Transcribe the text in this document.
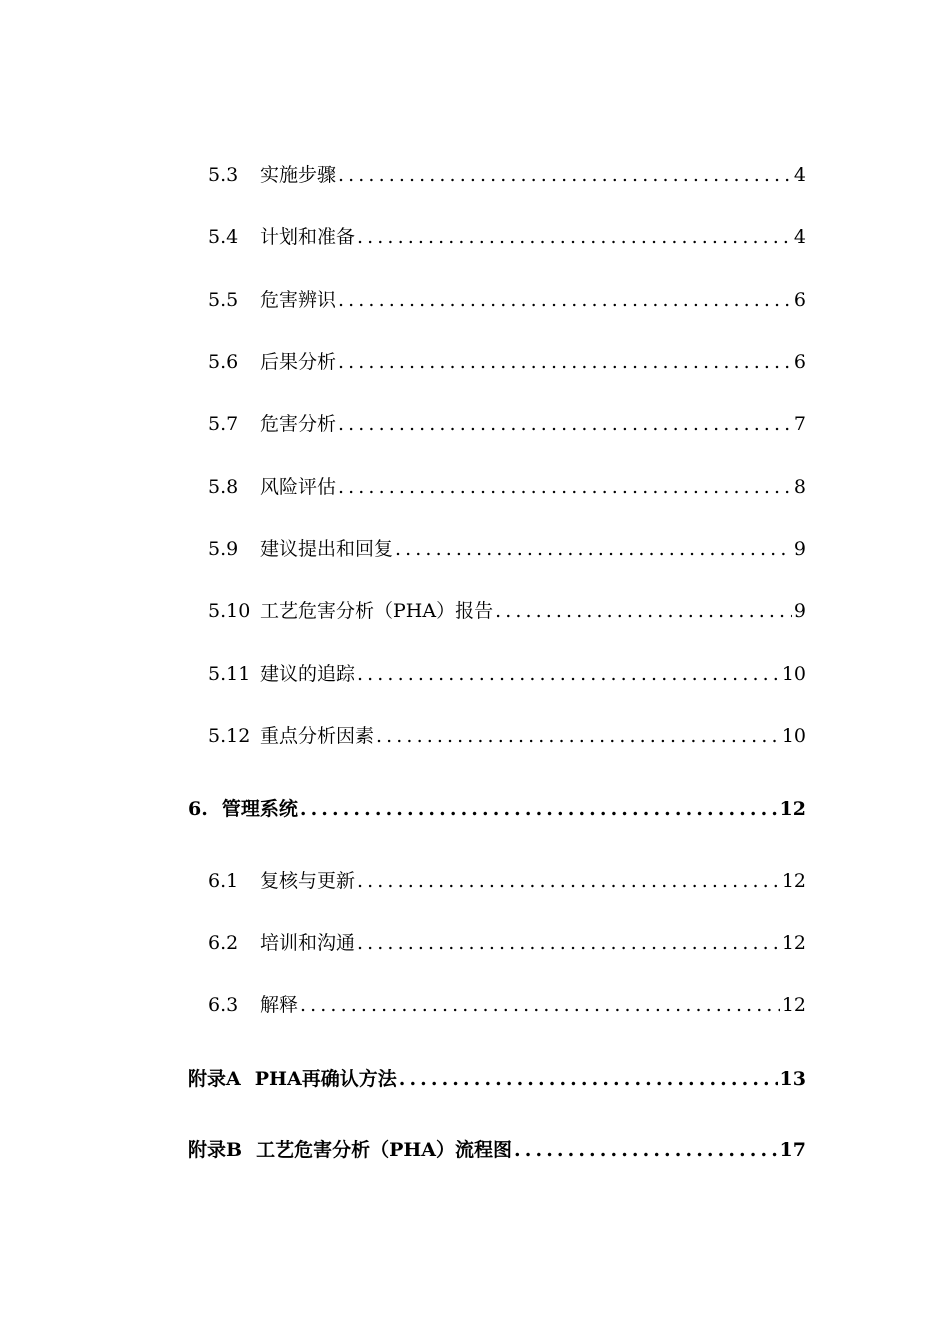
5.3	实施步骤 .....	4
5.4	计划和准备 .....	4
5.5	危害辨识 .....	6
5.6	后果分析 .....	6
5.7	危害分析 .....	7
5.8	风险评估 .....	8
5.9	建议提出和回复 .....	9
5.10 工艺危害分析（PHA）报告 .....	9
5.11 建议的追踪 .....	10
5.12 重点分析因素 .....	10
6. 管理系统 .....	12
6.1	复核与更新 .....	12
6.2	培训和沟通 .....	12
6.3	解释 .....	12
附录A PHA再确认方法 .....	13
附录B 工艺危害分析（PHA）流程图 .....	17
